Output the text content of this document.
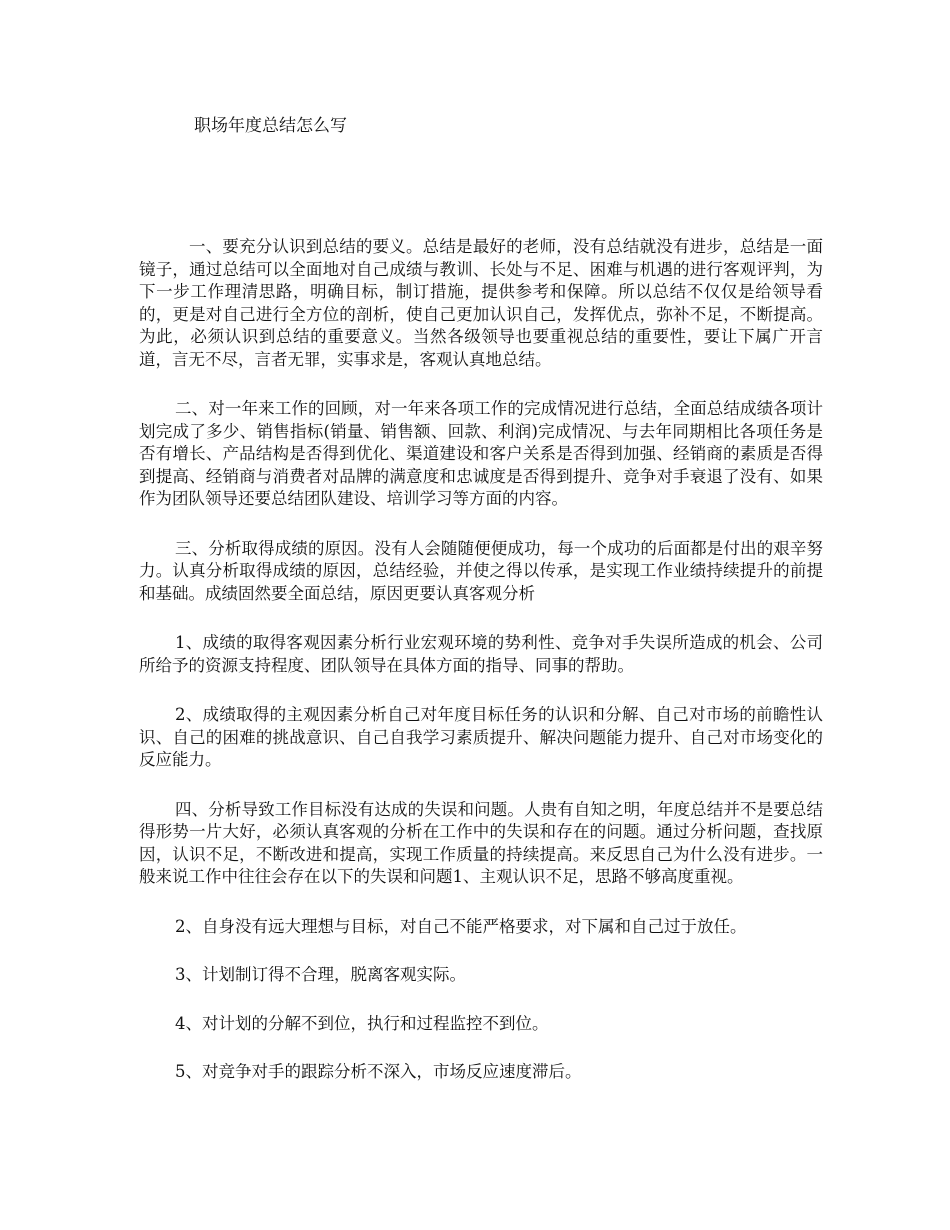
职场年度总结怎么写

一、要充分认识到总结的要义。总结是最好的老师，没有总结就没有进步，总结是一面镜子，通过总结可以全面地对自己成绩与教训、长处与不足、困难与机遇的进行客观评判，为下一步工作理清思路，明确目标，制订措施，提供参考和保障。所以总结不仅仅是给领导看的，更是对自己进行全方位的剖析，使自己更加认识自己，发挥优点，弥补不足，不断提高。为此，必须认识到总结的重要意义。当然各级领导也要重视总结的重要性，要让下属广开言道，言无不尽，言者无罪，实事求是，客观认真地总结。

二、对一年来工作的回顾，对一年来各项工作的完成情况进行总结，全面总结成绩各项计划完成了多少、销售指标(销量、销售额、回款、利润)完成情况、与去年同期相比各项任务是否有增长、产品结构是否得到优化、渠道建设和客户关系是否得到加强、经销商的素质是否得到提高、经销商与消费者对品牌的满意度和忠诚度是否得到提升、竞争对手衰退了没有、如果作为团队领导还要总结团队建设、培训学习等方面的内容。

三、分析取得成绩的原因。没有人会随随便便成功，每一个成功的后面都是付出的艰辛努力。认真分析取得成绩的原因，总结经验，并使之得以传承，是实现工作业绩持续提升的前提和基础。成绩固然要全面总结，原因更要认真客观分析

1、成绩的取得客观因素分析行业宏观环境的势利性、竞争对手失误所造成的机会、公司所给予的资源支持程度、团队领导在具体方面的指导、同事的帮助。

2、成绩取得的主观因素分析自己对年度目标任务的认识和分解、自己对市场的前瞻性认识、自己的困难的挑战意识、自己自我学习素质提升、解决问题能力提升、自己对市场变化的反应能力。

四、分析导致工作目标没有达成的失误和问题。人贵有自知之明，年度总结并不是要总结得形势一片大好，必须认真客观的分析在工作中的失误和存在的问题。通过分析问题，查找原因，认识不足，不断改进和提高，实现工作质量的持续提高。来反思自己为什么没有进步。一般来说工作中往往会存在以下的失误和问题1、主观认识不足，思路不够高度重视。

2、自身没有远大理想与目标，对自己不能严格要求，对下属和自己过于放任。

3、计划制订得不合理，脱离客观实际。

4、对计划的分解不到位，执行和过程监控不到位。

5、对竞争对手的跟踪分析不深入，市场反应速度滞后。
